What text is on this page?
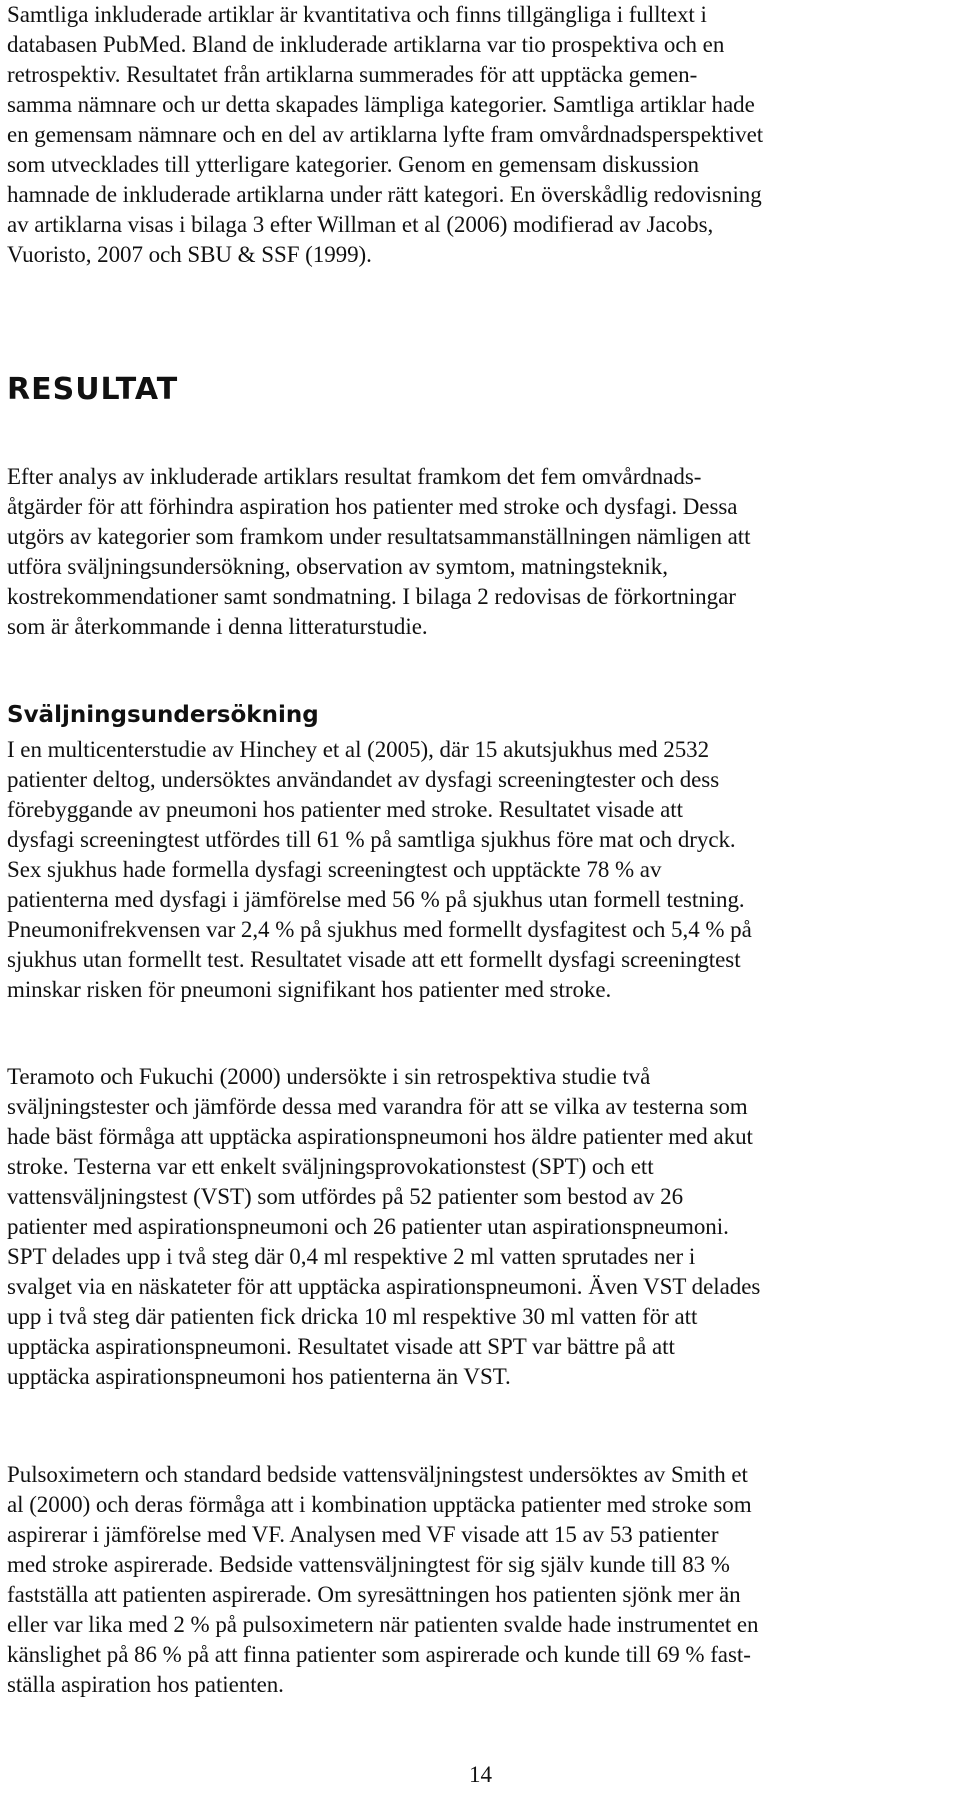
Samtliga inkluderade artiklar är kvantitativa och finns tillgängliga i fulltext i
databasen PubMed. Bland de inkluderade artiklarna var tio prospektiva och en
retrospektiv. Resultatet från artiklarna summerades för att upptäcka gemen-
samma nämnare och ur detta skapades lämpliga kategorier. Samtliga artiklar hade
en gemensam nämnare och en del av artiklarna lyfte fram omvårdnadsperspektivet
som utvecklades till ytterligare kategorier. Genom en gemensam diskussion
hamnade de inkluderade artiklarna under rätt kategori. En överskådlig redovisning
av artiklarna visas i bilaga 3 efter Willman et al (2006) modifierad av Jacobs,
Vuoristo, 2007 och SBU & SSF (1999).
RESULTAT
Efter analys av inkluderade artiklars resultat framkom det fem omvårdnads-
åtgärder för att förhindra aspiration hos patienter med stroke och dysfagi. Dessa
utgörs av kategorier som framkom under resultatsammanställningen nämligen att
utföra sväljningsundersökning, observation av symtom, matningsteknik,
kostrekommendationer samt sondmatning. I bilaga 2 redovisas de förkortningar
som är återkommande i denna litteraturstudie.
Sväljningsundersökning
I en multicenterstudie av Hinchey et al (2005), där 15 akutsjukhus med 2532
patienter deltog, undersöktes användandet av dysfagi screeningtester och dess
förebyggande av pneumoni hos patienter med stroke. Resultatet visade att
dysfagi screeningtest utfördes till 61 % på samtliga sjukhus före mat och dryck.
Sex sjukhus hade formella dysfagi screeningtest och upptäckte 78 % av
patienterna med dysfagi i jämförelse med 56 % på sjukhus utan formell testning.
Pneumonifrekvensen var 2,4 % på sjukhus med formellt dysfagitest och 5,4 % på
sjukhus utan formellt test. Resultatet visade att ett formellt dysfagi screeningtest
minskar risken för pneumoni signifikant hos patienter med stroke.
Teramoto och Fukuchi (2000) undersökte i sin retrospektiva studie två
sväljningstester och jämförde dessa med varandra för att se vilka av testerna som
hade bäst förmåga att upptäcka aspirationspneumoni hos äldre patienter med akut
stroke. Testerna var ett enkelt sväljningsprovokationstest (SPT) och ett
vattensväljningstest (VST) som utfördes på 52 patienter som bestod av 26
patienter med aspirationspneumoni och 26 patienter utan aspirationspneumoni.
SPT delades upp i två steg där 0,4 ml respektive 2 ml vatten sprutades ner i
svalget via en näskateter för att upptäcka aspirationspneumoni. Även VST delades
upp i två steg där patienten fick dricka 10 ml respektive 30 ml vatten för att
upptäcka aspirationspneumoni. Resultatet visade att SPT var bättre på att
upptäcka aspirationspneumoni hos patienterna än VST.
Pulsoximetern och standard bedside vattensväljningstest undersöktes av Smith et
al (2000) och deras förmåga att i kombination upptäcka patienter med stroke som
aspirerar i jämförelse med VF. Analysen med VF visade att 15 av 53 patienter
med stroke aspirerade. Bedside vattensväljningtest för sig själv kunde till 83 %
fastställa att patienten aspirerade. Om syresättningen hos patienten sjönk mer än
eller var lika med 2 % på pulsoximetern när patienten svalde hade instrumentet en
känslighet på 86 % på att finna patienter som aspirerade och kunde till 69 % fast-
ställa aspiration hos patienten.
14
